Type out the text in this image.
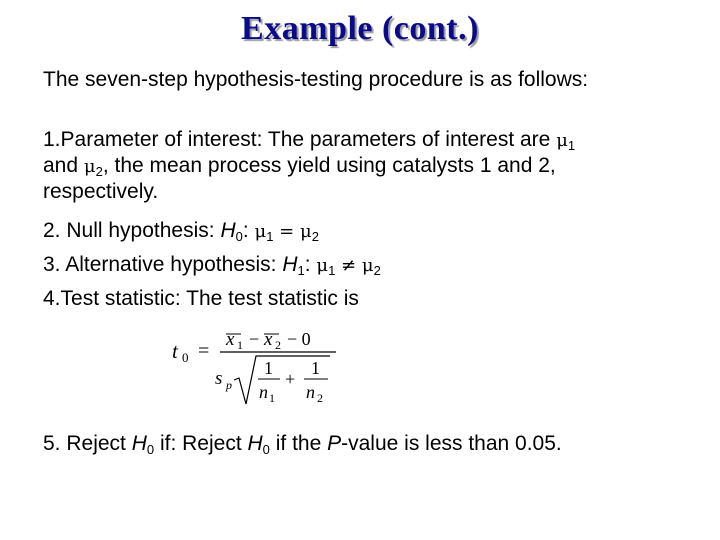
Example (cont.)
The seven-step hypothesis-testing procedure is as follows:
1.Parameter of interest: The parameters of interest are $\mu_1$
and $\mu_2$, the mean process yield using catalysts 1 and 2,
respectively.
2. Null hypothesis: $H_0$: $\mu_1 = \mu_2$
3. Alternative hypothesis: $H_1$: $\mu_1 \ne \mu_2$
4.Test statistic: The test statistic is
t 0 =
x 1 − x 2 − 0
s p
1
n 1
+
1
n 2
5. Reject $H_0$ if: Reject $H_0$ if the P-value is less than 0.05.
